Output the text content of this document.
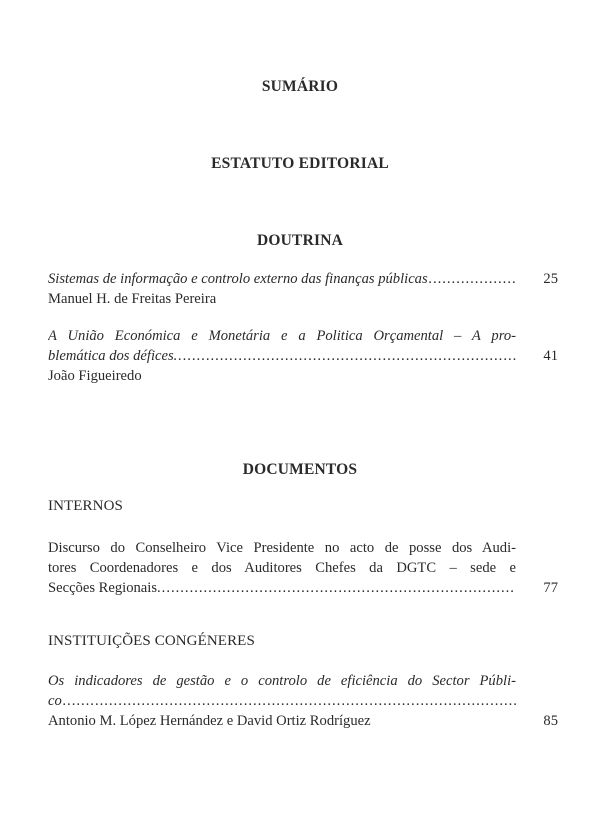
SUMÁRIO
ESTATUTO EDITORIAL
DOUTRINA
Sistemas de informação e controlo externo das finanças públicas .....	25
Manuel H. de Freitas Pereira
A União Económica e Monetária e a Politica Orçamental – A pro-
blemática dos défices. .....	41
João Figueiredo
DOCUMENTOS
INTERNOS
Discurso do Conselheiro Vice Presidente no acto de posse dos Audi-
tores Coordenadores e dos Auditores Chefes da DGTC – sede e
Secções Regionais. .....	77
INSTITUIÇÕES CONGÉNERES
Os indicadores de gestão e o controlo de eficiência do Sector Públi-
co
.....
Antonio M. López Hernández e David Ortiz Rodríguez	85
